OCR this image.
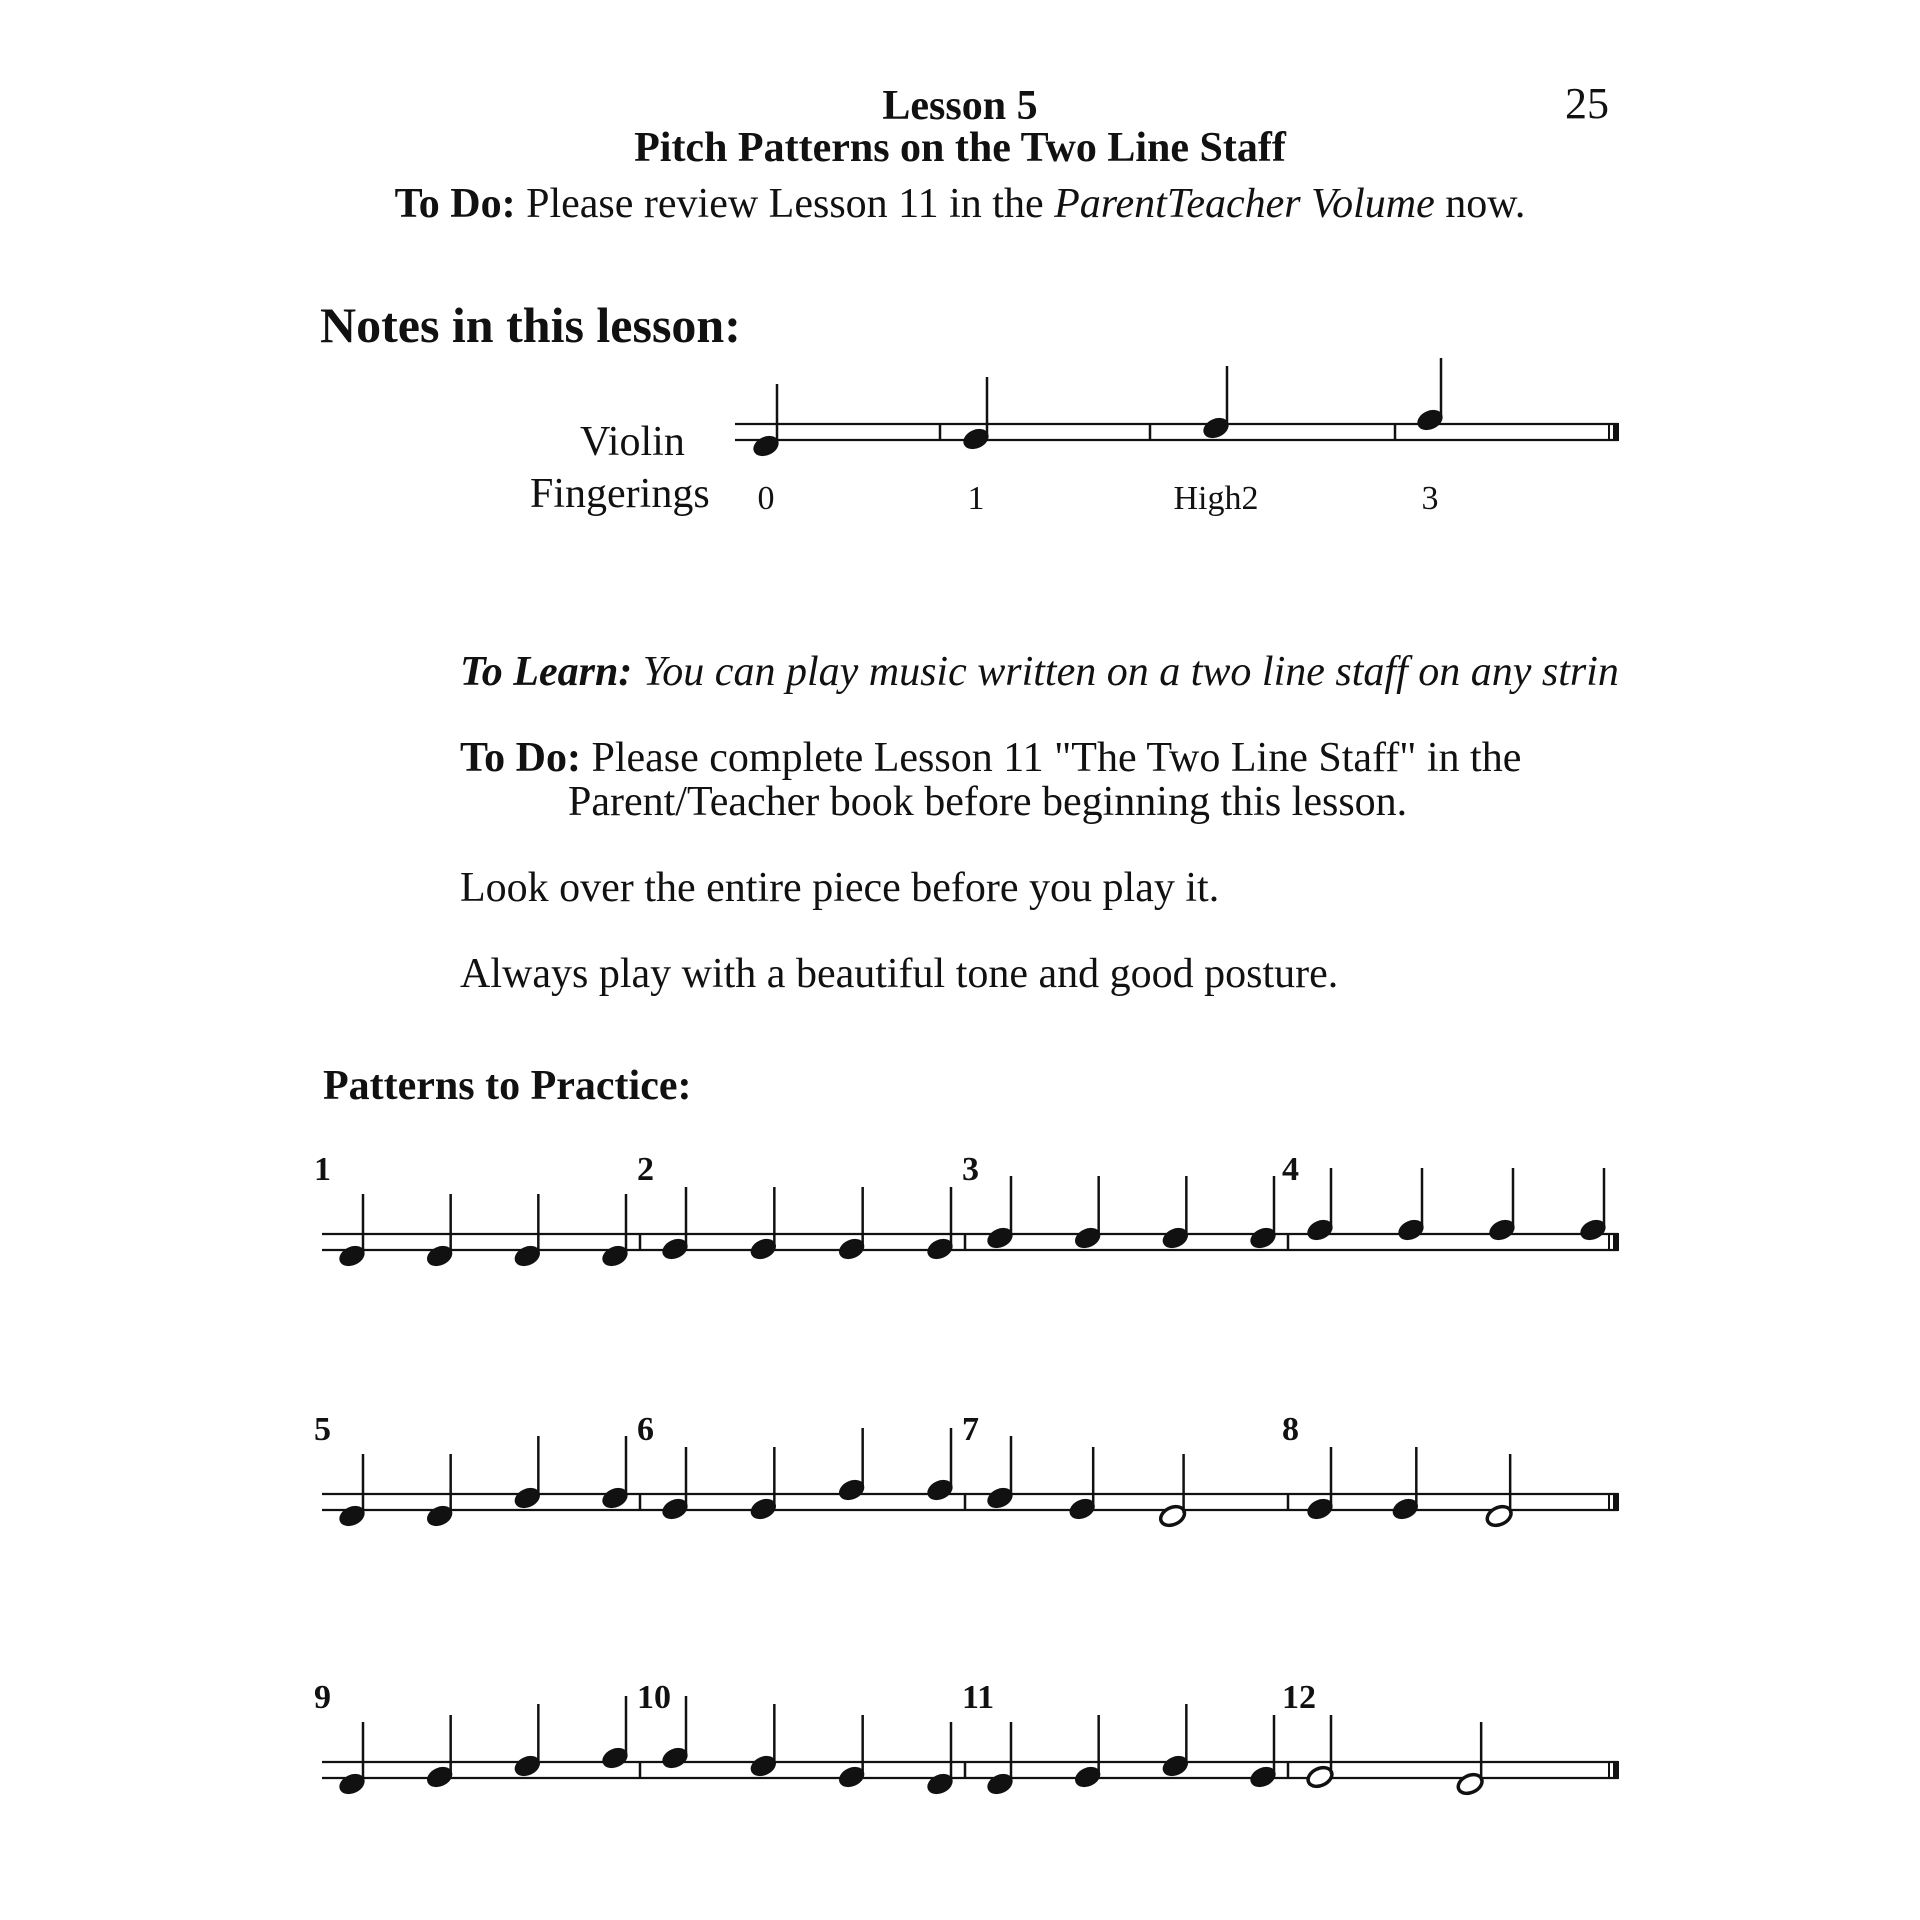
25
Lesson 5
Pitch Patterns on the Two Line Staff
To Do: Please review Lesson 11 in the ParentTeacher Volume now.
Notes in this lesson:
Violin
Fingerings 0	1	High2	3
To Learn: You can play music written on a two line staff on any strin
To Do: Please complete Lesson 11 "The Two Line Staff" in the
Parent/Teacher book before beginning this lesson.
Look over the entire piece before you play it.
Always play with a beautiful tone and good posture.
Patterns to Practice:
1	2	3	4
5	6	7	8
9	10	11	12
